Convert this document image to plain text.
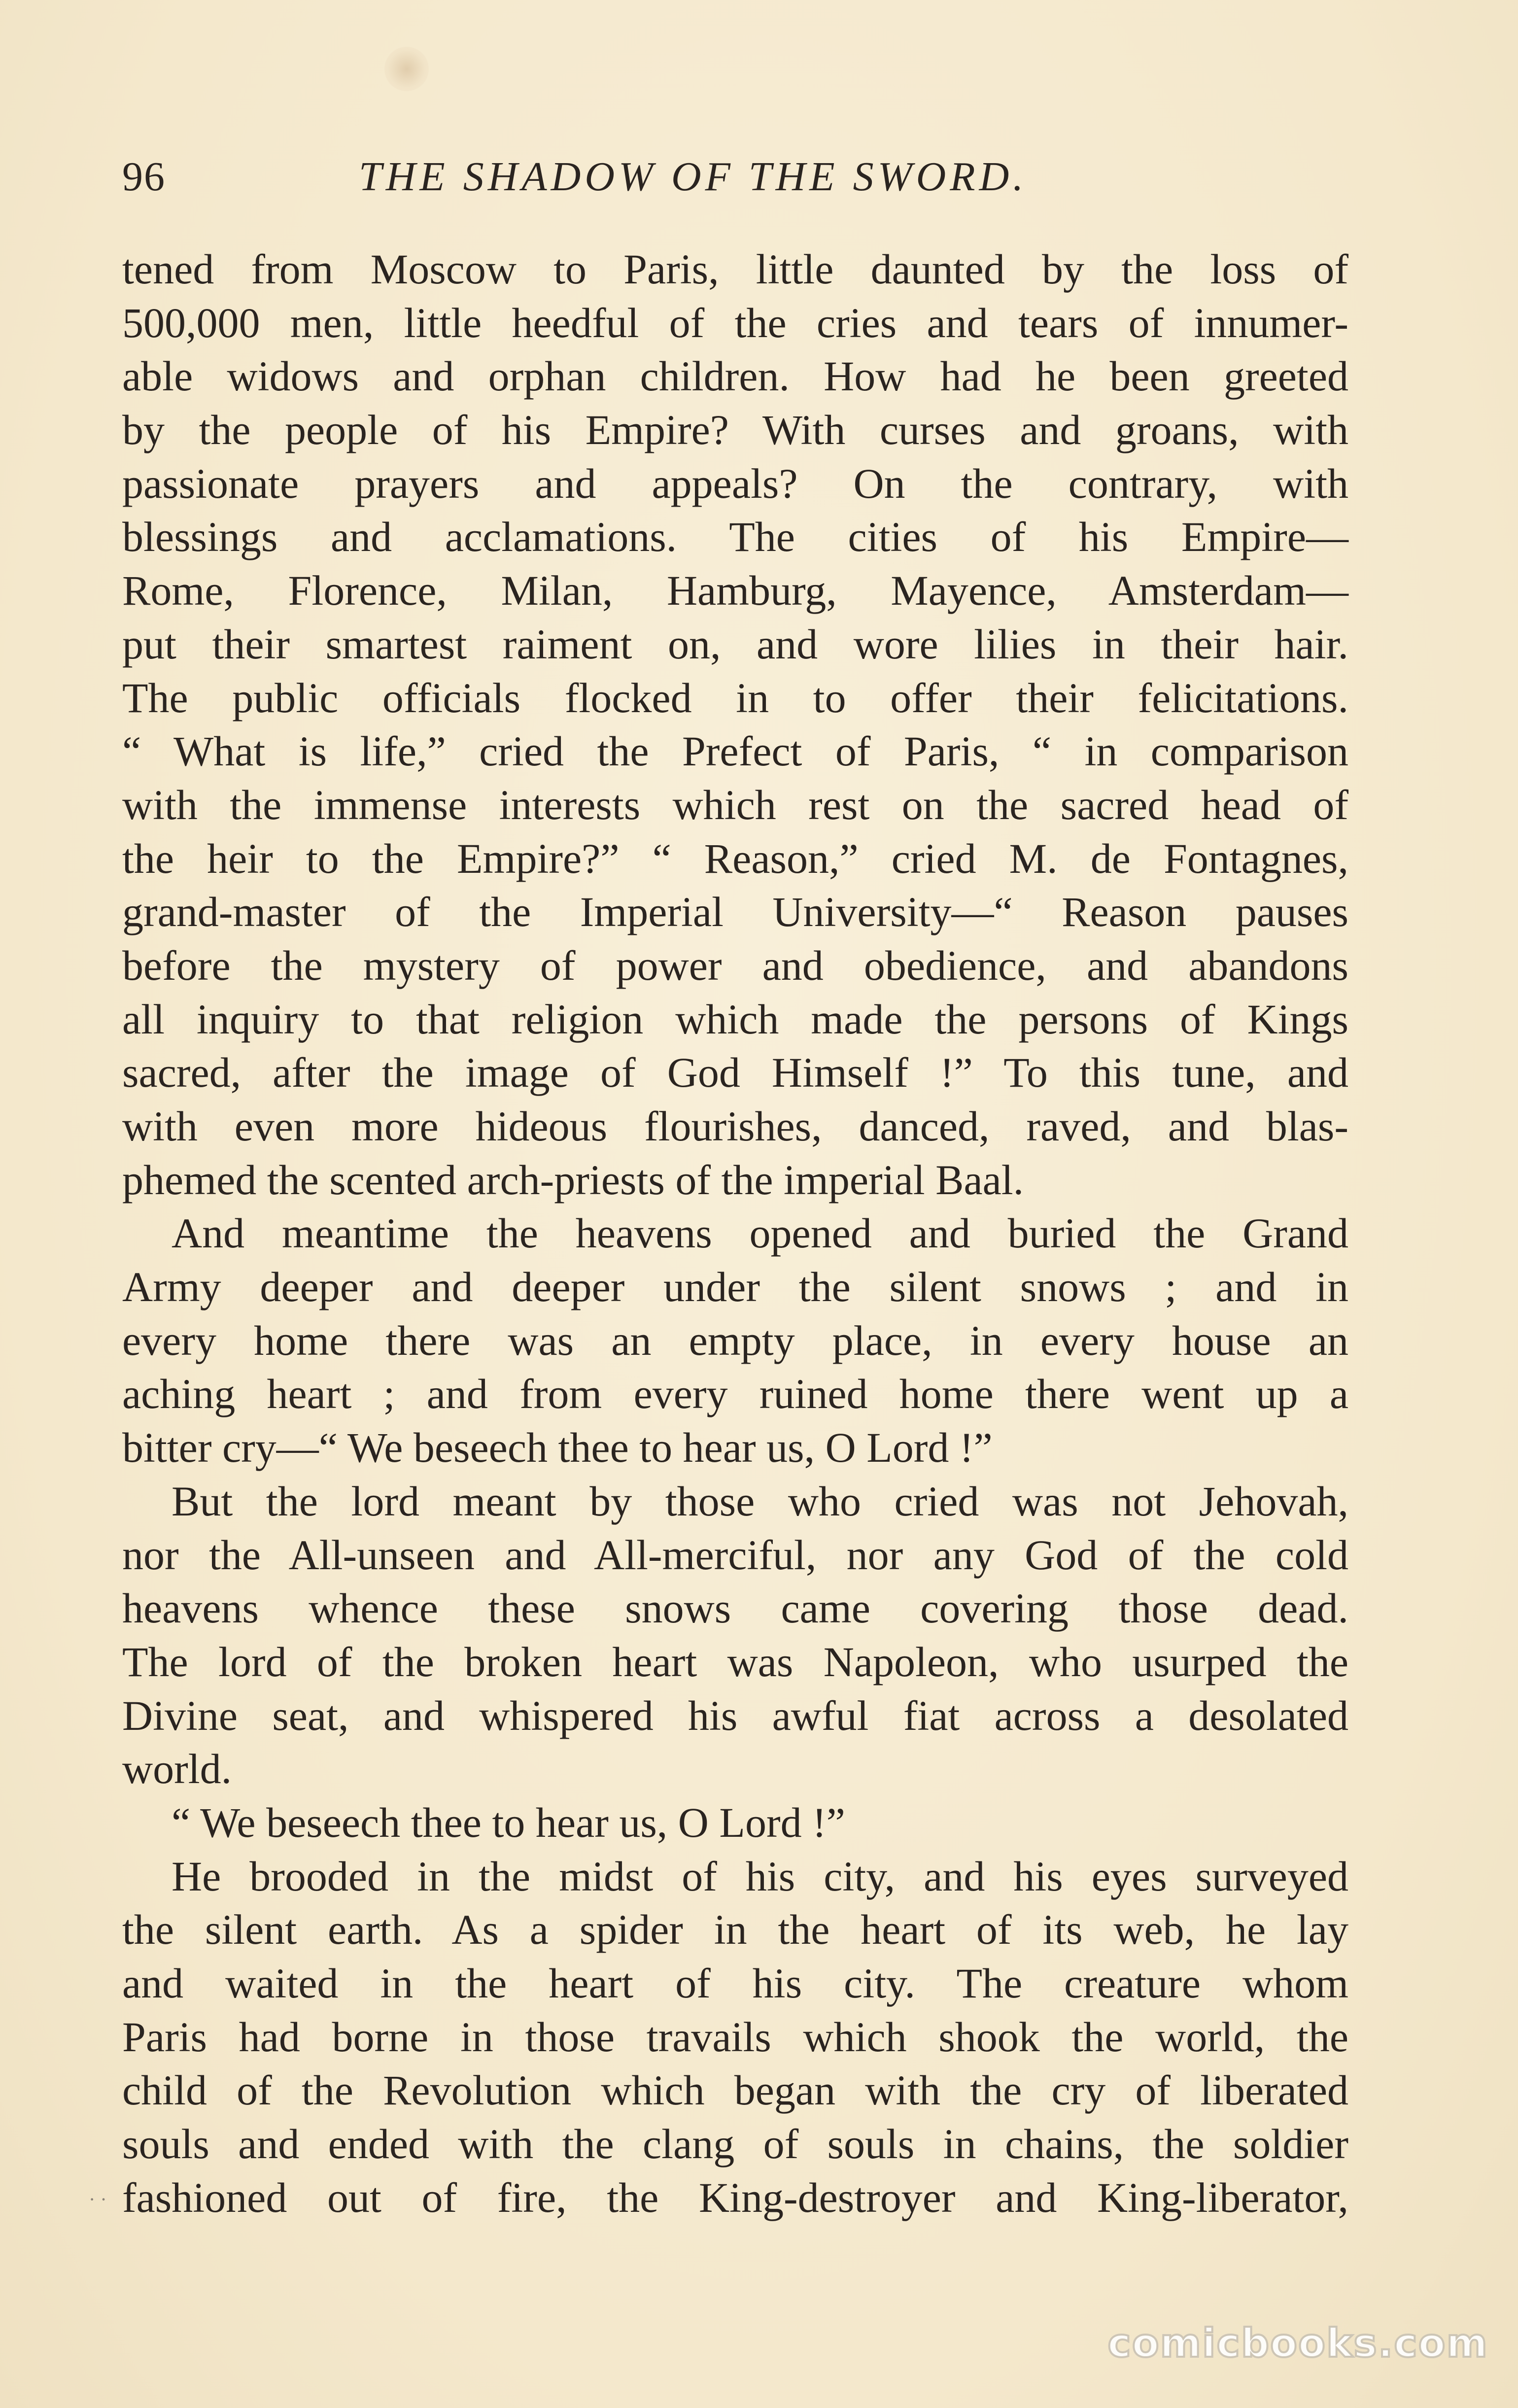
96	THE SHADOW OF THE SWORD.
tened from Moscow to Paris, little daunted by the loss of
500,000 men, little heedful of the cries and tears of innumer-
able widows and orphan children. How had he been greeted
by the people of his Empire? With curses and groans, with
passionate prayers and appeals? On the contrary, with
blessings and acclamations. The cities of his Empire—
Rome, Florence, Milan, Hamburg, Mayence, Amsterdam—
put their smartest raiment on, and wore lilies in their hair.
The public officials flocked in to offer their felicitations.
“ What is life,” cried the Prefect of Paris, “ in comparison
with the immense interests which rest on the sacred head of
the heir to the Empire?” “ Reason,” cried M. de Fontagnes,
grand-master of the Imperial University—“ Reason pauses
before the mystery of power and obedience, and abandons
all inquiry to that religion which made the persons of Kings
sacred, after the image of God Himself !” To this tune, and
with even more hideous flourishes, danced, raved, and blas-
phemed the scented arch-priests of the imperial Baal.
And meantime the heavens opened and buried the Grand
Army deeper and deeper under the silent snows ; and in
every home there was an empty place, in every house an
aching heart ; and from every ruined home there went up a
bitter cry—“ We beseech thee to hear us, O Lord !”
But the lord meant by those who cried was not Jehovah,
nor the All-unseen and All-merciful, nor any God of the cold
heavens whence these snows came covering those dead.
The lord of the broken heart was Napoleon, who usurped the
Divine seat, and whispered his awful fiat across a desolated
world.
“ We beseech thee to hear us, O Lord !”
He brooded in the midst of his city, and his eyes surveyed
the silent earth. As a spider in the heart of its web, he lay
and waited in the heart of his city. The creature whom
Paris had borne in those travails which shook the world, the
child of the Revolution which began with the cry of liberated
souls and ended with the clang of souls in chains, the soldier
fashioned out of fire, the King-destroyer and King-liberator,
· ·
comicbooks.com
